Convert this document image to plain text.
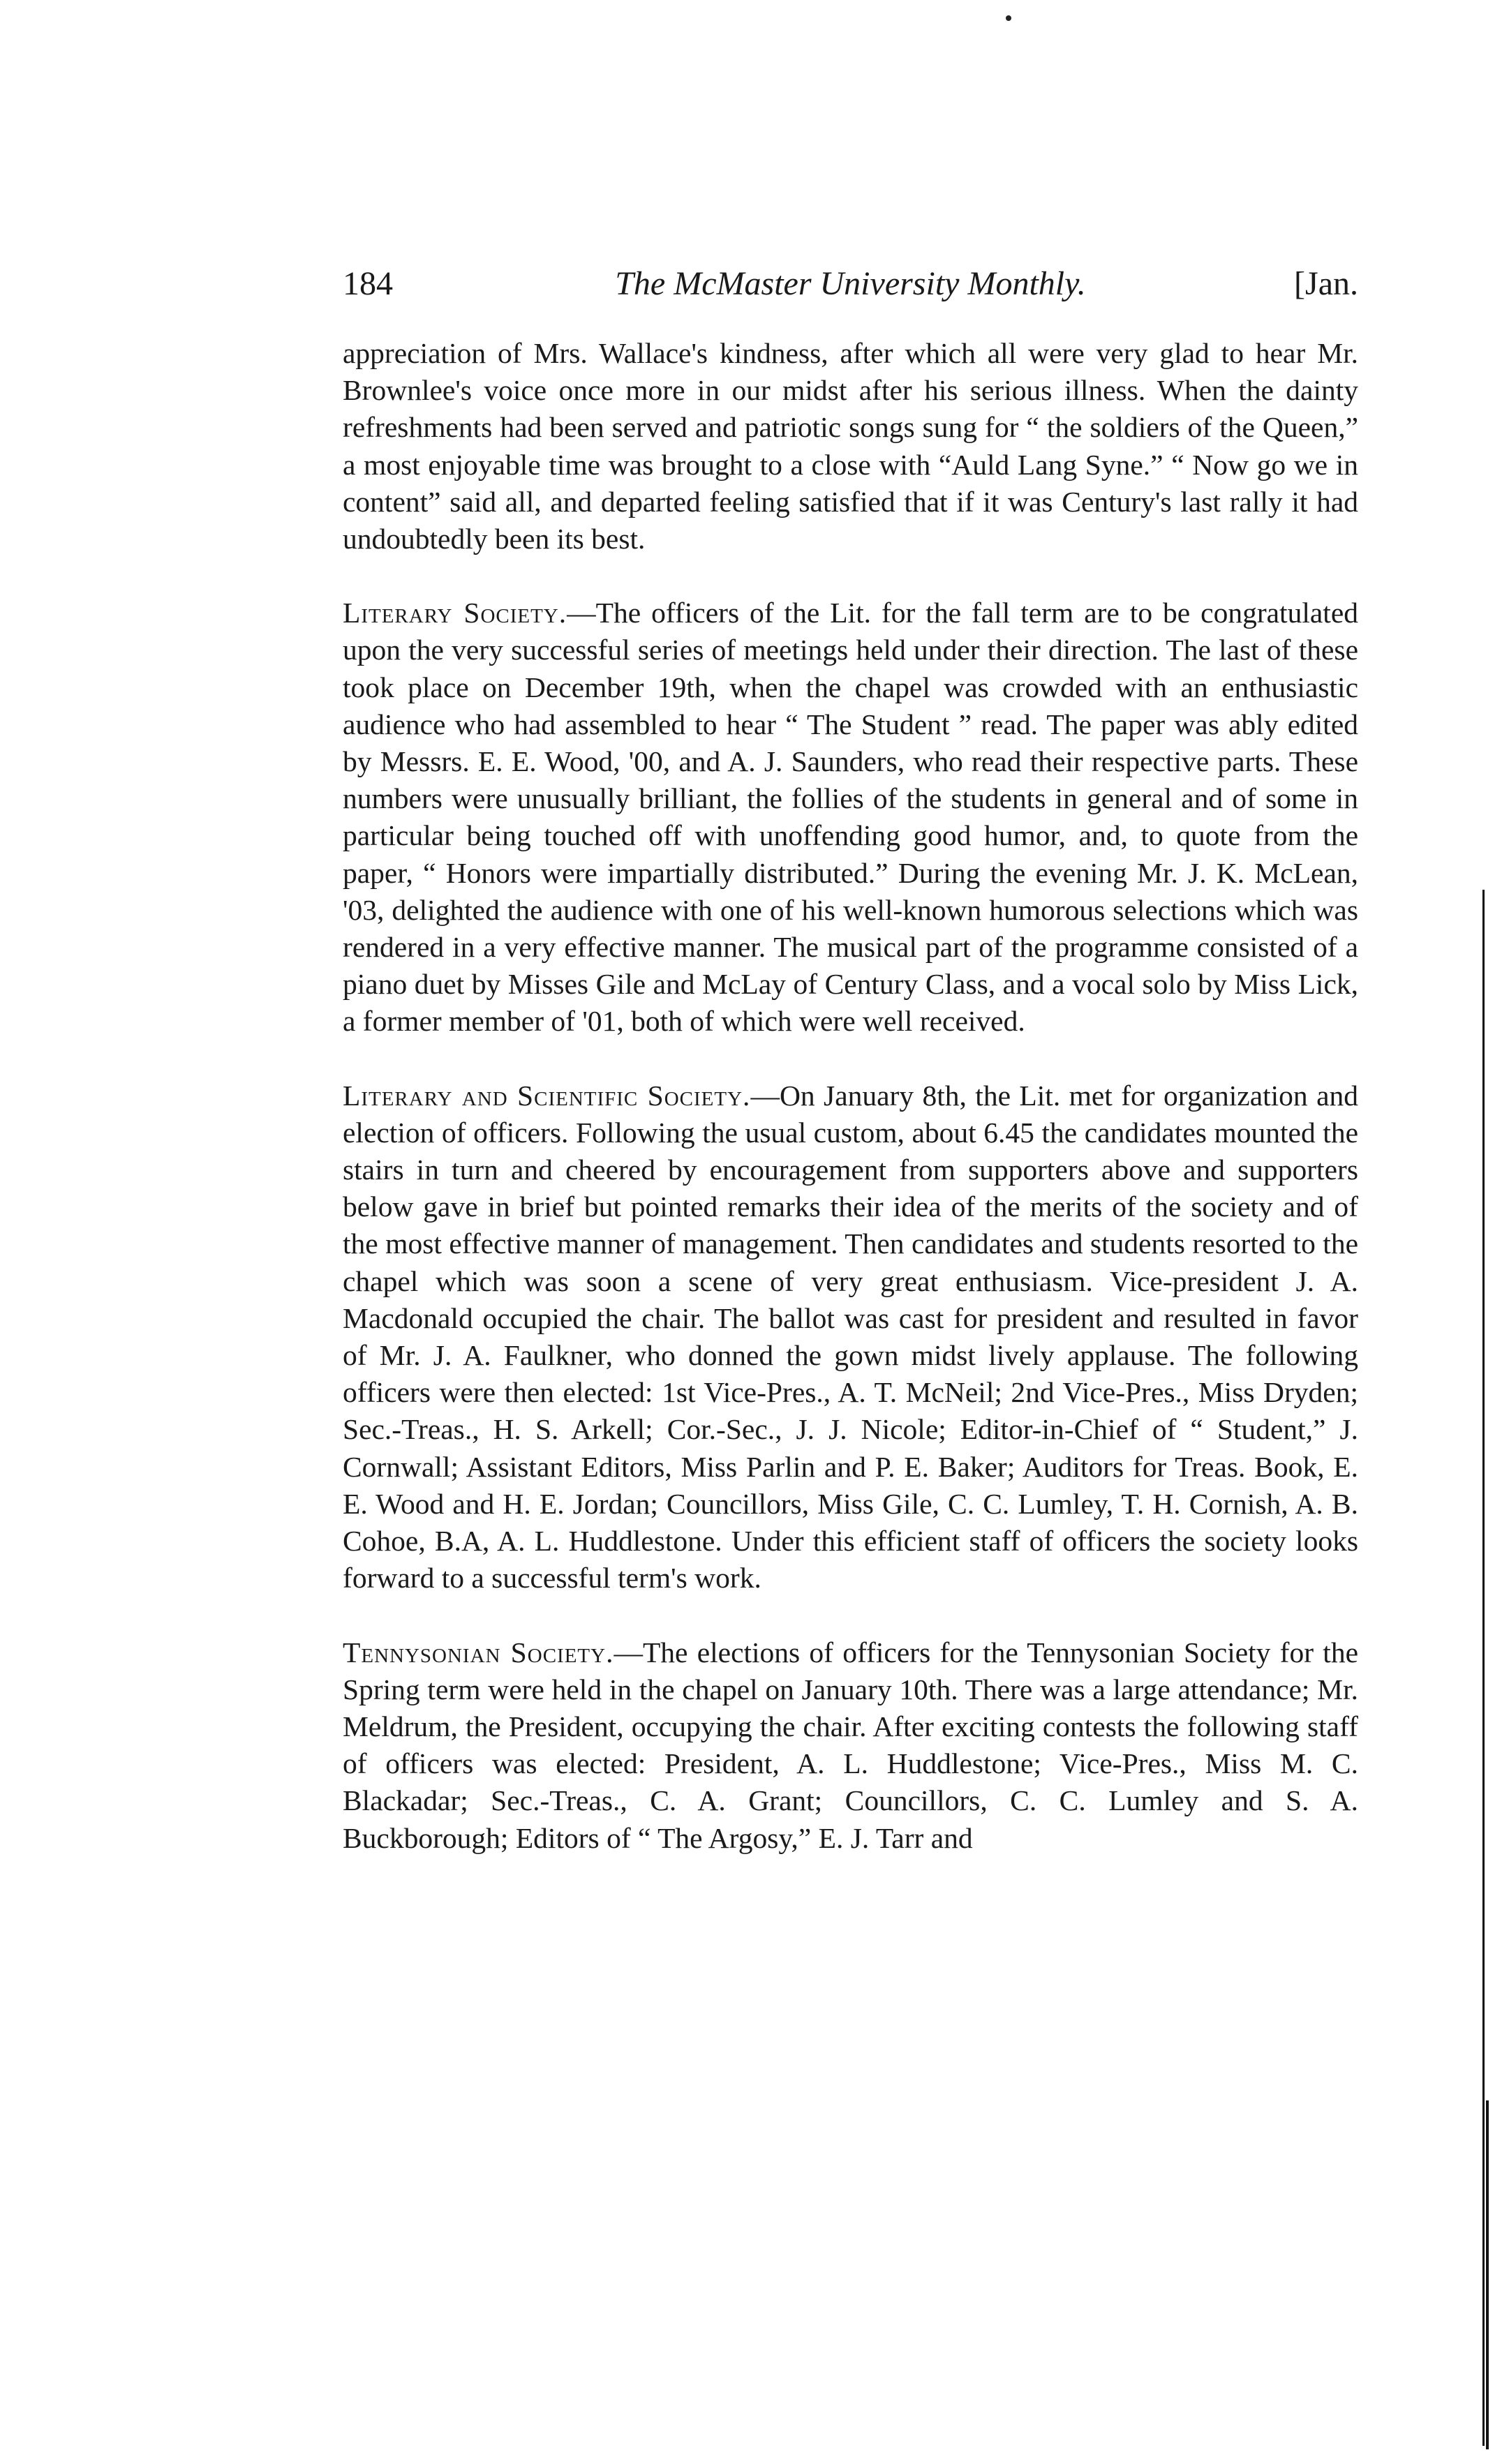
184	The McMaster University Monthly.	[Jan.

appreciation of Mrs. Wallace's kindness, after which all were very glad to hear Mr. Brownlee's voice once more in our midst after his serious illness. When the dainty refreshments had been served and patriotic songs sung for “ the soldiers of the Queen,” a most enjoyable time was brought to a close with “Auld Lang Syne.” “ Now go we in content” said all, and departed feeling satisfied that if it was Century's last rally it had undoubtedly been its best.

Literary Society.—The officers of the Lit. for the fall term are to be congratulated upon the very successful series of meetings held under their direction. The last of these took place on December 19th, when the chapel was crowded with an enthusiastic audience who had assembled to hear “ The Student ” read. The paper was ably edited by Messrs. E. E. Wood, '00, and A. J. Saunders, who read their respective parts. These numbers were unusually brilliant, the follies of the students in general and of some in particular being touched off with unoffending good humor, and, to quote from the paper, “ Honors were impartially distributed.” During the evening Mr. J. K. McLean, '03, delighted the audience with one of his well-known humorous selections which was rendered in a very effective manner. The musical part of the programme consisted of a piano duet by Misses Gile and McLay of Century Class, and a vocal solo by Miss Lick, a former member of '01, both of which were well received.

Literary and Scientific Society.—On January 8th, the Lit. met for organization and election of officers. Following the usual custom, about 6.45 the candidates mounted the stairs in turn and cheered by encouragement from supporters above and supporters below gave in brief but pointed remarks their idea of the merits of the society and of the most effective manner of management. Then candidates and students resorted to the chapel which was soon a scene of very great enthusiasm. Vice-president J. A. Macdonald occupied the chair. The ballot was cast for president and resulted in favor of Mr. J. A. Faulkner, who donned the gown midst lively applause. The following officers were then elected: 1st Vice-Pres., A. T. McNeil; 2nd Vice-Pres., Miss Dryden; Sec.-Treas., H. S. Arkell; Cor.-Sec., J. J. Nicole; Editor-in-Chief of “ Student,” J. Cornwall; Assistant Editors, Miss Parlin and P. E. Baker; Auditors for Treas. Book, E. E. Wood and H. E. Jordan; Councillors, Miss Gile, C. C. Lumley, T. H. Cornish, A. B. Cohoe, B.A, A. L. Huddlestone. Under this efficient staff of officers the society looks forward to a successful term's work.

Tennysonian Society.—The elections of officers for the Tennysonian Society for the Spring term were held in the chapel on January 10th. There was a large attendance; Mr. Meldrum, the President, occupying the chair. After exciting contests the following staff of officers was elected: President, A. L. Huddlestone; Vice-Pres., Miss M. C. Blackadar; Sec.-Treas., C. A. Grant; Councillors, C. C. Lumley and S. A. Buckborough; Editors of “ The Argosy,” E. J. Tarr and
